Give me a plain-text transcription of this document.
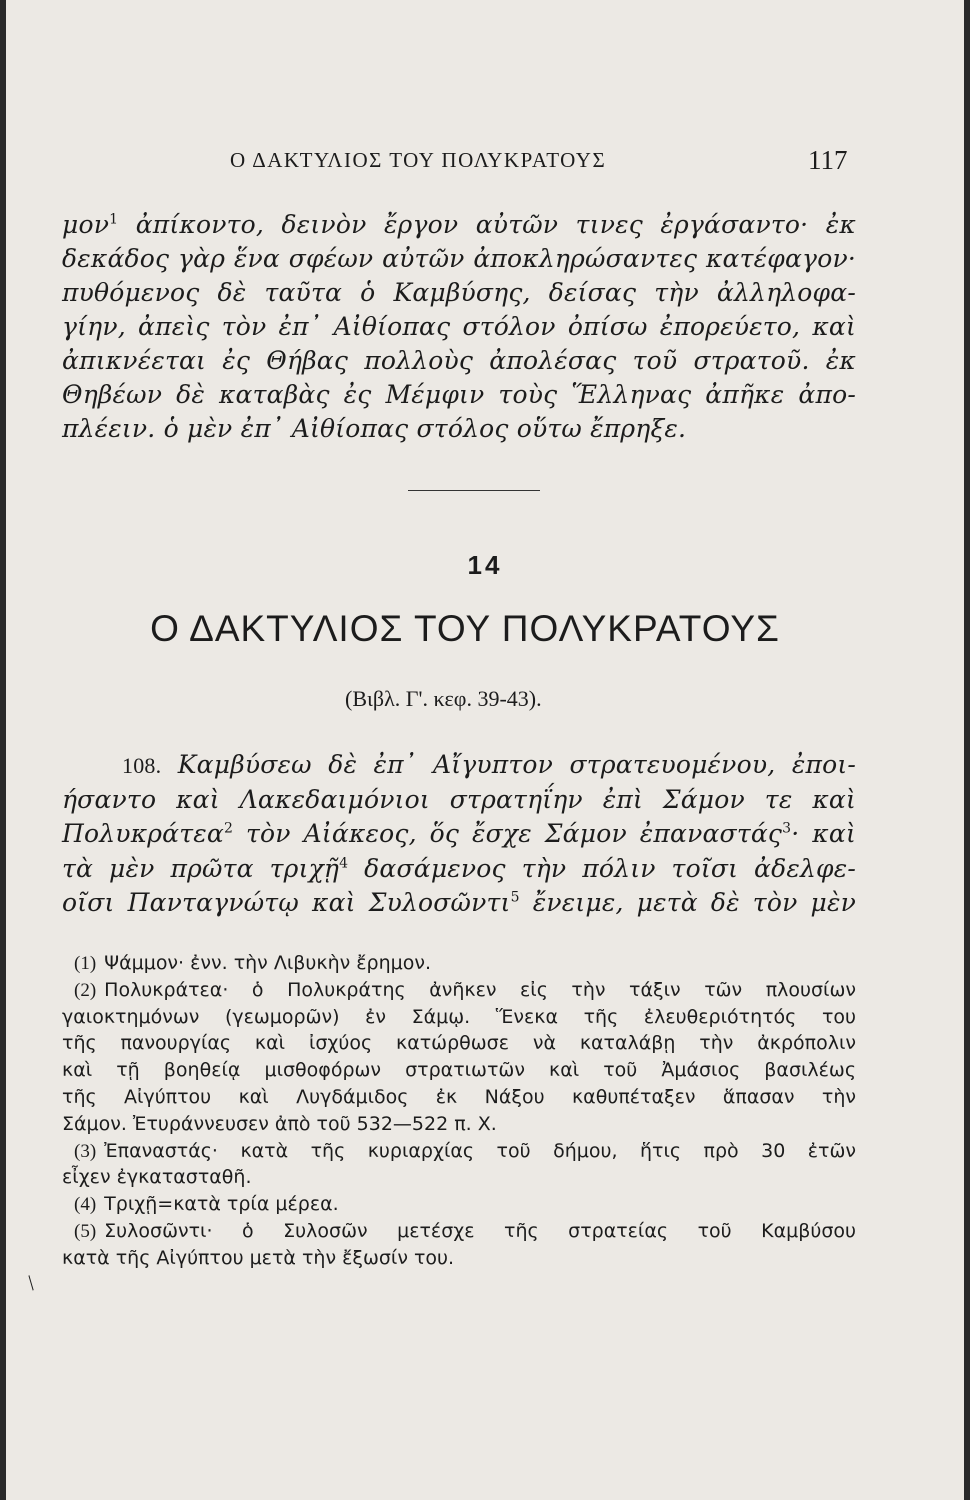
Ο ΔΑΚΤΥΛΙΟΣ ΤΟΥ ΠΟΛΥΚΡΑΤΟΥΣ	117
μον$^1$ ἀπίκοντο, δεινὸν ἔργον αὐτῶν τινες ἐργάσαντο· ἐκ
δεκάδος γὰρ ἕνα σφέων αὐτῶν ἀποκληρώσαντες κατέφαγον·
πυθόμενος δὲ ταῦτα ὁ Καμβύσης, δείσας τὴν ἀλληλοφα-
γίην, ἀπεὶς τὸν ἐπ᾽ Αἰθίοπας στόλον ὀπίσω ἐπορεύετο, καὶ
ἀπικνέεται ἐς Θήβας πολλοὺς ἀπολέσας τοῦ στρατοῦ. ἐκ
Θηβέων δὲ καταβὰς ἐς Μέμφιν τοὺς Ἕλληνας ἀπῆκε ἀπο-
πλέειν. ὁ μὲν ἐπ᾽ Αἰθίοπας στόλος οὕτω ἔπρηξε.
14
Ο ΔΑΚΤΥΛΙΟΣ ΤΟΥ ΠΟΛΥΚΡΑΤΟΥΣ
(Βιβλ. Γ'. κεφ. 39-43).
108. Καμβύσεω δὲ ἐπ᾽ Αἴγυπτον στρατευομένου, ἐποι-
ήσαντο καὶ Λακεδαιμόνιοι στρατηΐην ἐπὶ Σάμον τε καὶ
Πολυκράτεα$^2$ τὸν Αἰάκεος, ὅς ἔσχε Σάμον ἐπαναστάς$^3$· καὶ
τὰ μὲν πρῶτα τριχῇ$^4$ δασάμενος τὴν πόλιν τοῖσι ἀδελφε-
οῖσι Πανταγνώτῳ καὶ Συλοσῶντι$^5$ ἔνειμε, μετὰ δὲ τὸν μὲν
(1) Ψάμμον· ἐνν. τὴν Λιβυκὴν ἔρημον.
(2) Πολυκράτεα· ὁ Πολυκράτης ἀνῆκεν εἰς τὴν τάξιν τῶν πλουσίων
γαιοκτημόνων (γεωμορῶν) ἐν Σάμῳ. Ἕνεκα τῆς ἐλευθεριότητός του
τῆς πανουργίας καὶ ἰσχύος κατώρθωσε νὰ καταλάβῃ τὴν ἀκρόπολιν
καὶ τῇ βοηθείᾳ μισθοφόρων στρατιωτῶν καὶ τοῦ Ἀμάσιος βασιλέως
τῆς Αἰγύπτου καὶ Λυγδάμιδος ἐκ Νάξου καθυπέταξεν ἅπασαν τὴν
Σάμον. Ἐτυράννευσεν ἀπὸ τοῦ 532—522 π. Χ.
(3) Ἐπαναστάς· κατὰ τῆς κυριαρχίας τοῦ δήμου, ἥτις πρὸ 30 ἐτῶν
εἶχεν ἐγκατασταθῆ.
(4) Τριχῇ=κατὰ τρία μέρεα.
(5) Συλοσῶντι· ὁ Συλοσῶν μετέσχε τῆς στρατείας τοῦ Καμβύσου
κατὰ τῆς Αἰγύπτου μετὰ τὴν ἔξωσίν του.
/
